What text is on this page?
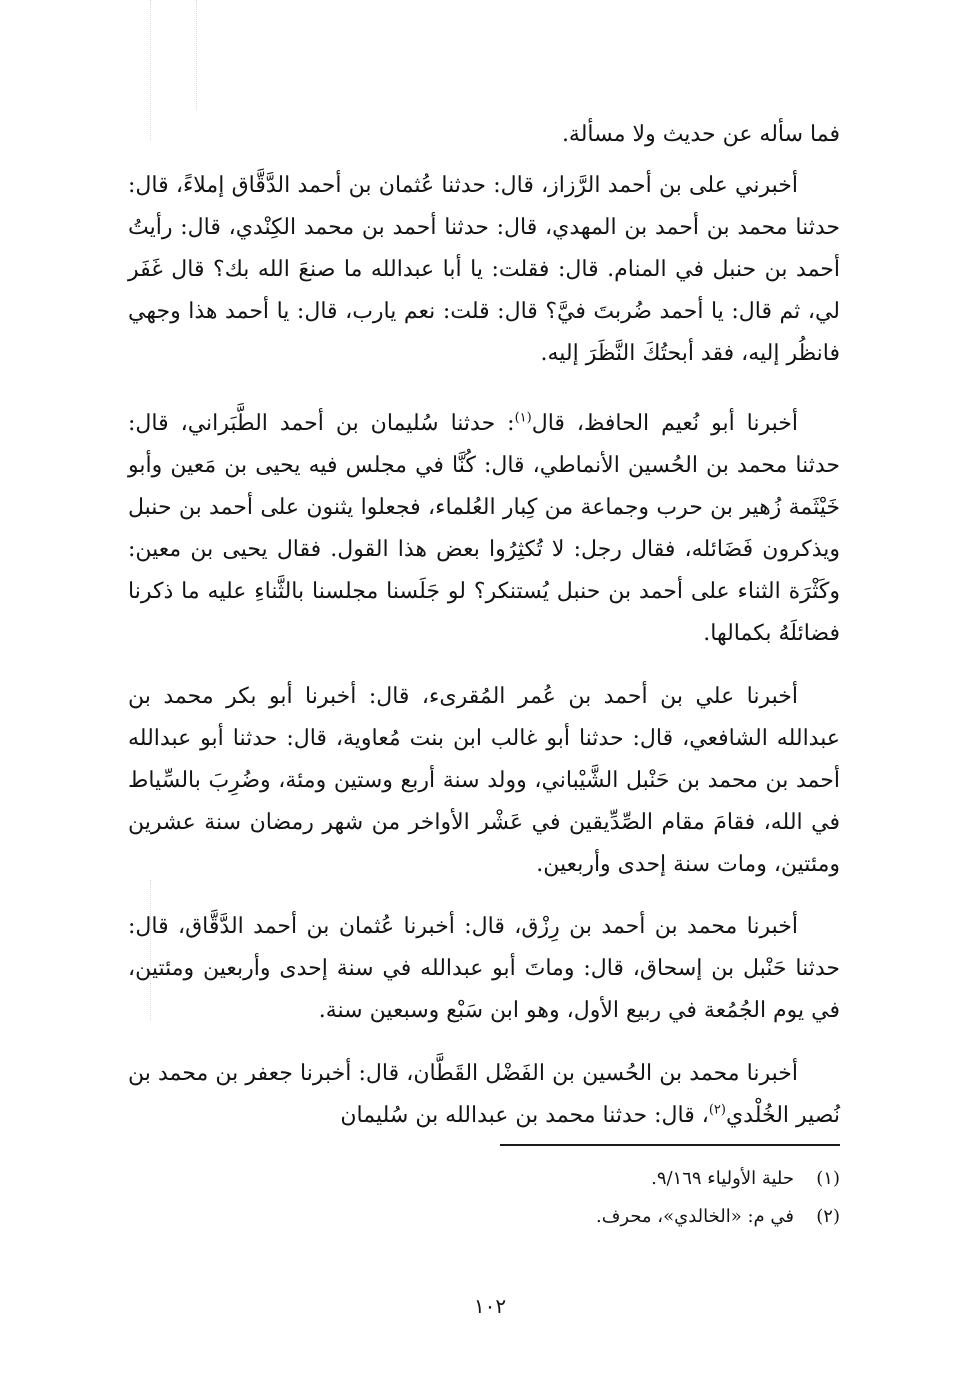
فما سأله عن حديث ولا مسألة.

أخبرني على بن أحمد الرَّزاز، قال: حدثنا عُثمان بن أحمد الدَّقَّاق إملاءً، قال: حدثنا محمد بن أحمد بن المهدي، قال: حدثنا أحمد بن محمد الكِنْدي، قال: رأيتُ أحمد بن حنبل في المنام. قال: فقلت: يا أبا عبدالله ما صنعَ الله بك؟ قال غَفَر لي، ثم قال: يا أحمد ضُربتَ فيَّ؟ قال: قلت: نعم يارب، قال: يا أحمد هذا وجهي فانظُر إليه، فقد أبحتُكَ النَّظَرَ إليه.

أخبرنا أبو نُعيم الحافظ، قال$^{(١)}$: حدثنا سُليمان بن أحمد الطَّبَراني، قال: حدثنا محمد بن الحُسين الأنماطي، قال: كُنَّا في مجلس فيه يحيى بن مَعين وأبو خَيْثَمة زُهير بن حرب وجماعة من كِبار العُلماء، فجعلوا يثنون على أحمد بن حنبل ويذكرون فَضَائله، فقال رجل: لا تُكثِرُوا بعض هذا القول. فقال يحيى بن معين: وكَثْرَة الثناء على أحمد بن حنبل يُستنكر؟ لو جَلَسنا مجلسنا بالثَّناءِ عليه ما ذكرنا فضائلَهُ بكمالها.

أخبرنا علي بن أحمد بن عُمر المُقرىء، قال: أخبرنا أبو بكر محمد بن عبدالله الشافعي، قال: حدثنا أبو غالب ابن بنت مُعاوية، قال: حدثنا أبو عبدالله أحمد بن محمد بن حَنْبل الشَّيْباني، وولد سنة أربع وستين ومئة، وضُرِبَ بالسِّياط في الله، فقامَ مقام الصِّدِّيقين في عَشْر الأواخر من شهر رمضان سنة عشرين ومئتين، ومات سنة إحدى وأربعين.

أخبرنا محمد بن أحمد بن رِزْق، قال: أخبرنا عُثمان بن أحمد الدَّقَّاق، قال: حدثنا حَنْبل بن إسحاق، قال: وماتَ أبو عبدالله في سنة إحدى وأربعين ومئتين، في يوم الجُمُعة في ربيع الأول، وهو ابن سَبْع وسبعين سنة.

أخبرنا محمد بن الحُسين بن الفَضْل القَطَّان، قال: أخبرنا جعفر بن محمد بن نُصير الخُلْدي$^{(٢)}$، قال: حدثنا محمد بن عبدالله بن سُليمان

(١)حلية الأولياء ٩/١٦٩.
(٢)في م: «الخالدي»، محرف.
١٠٢
